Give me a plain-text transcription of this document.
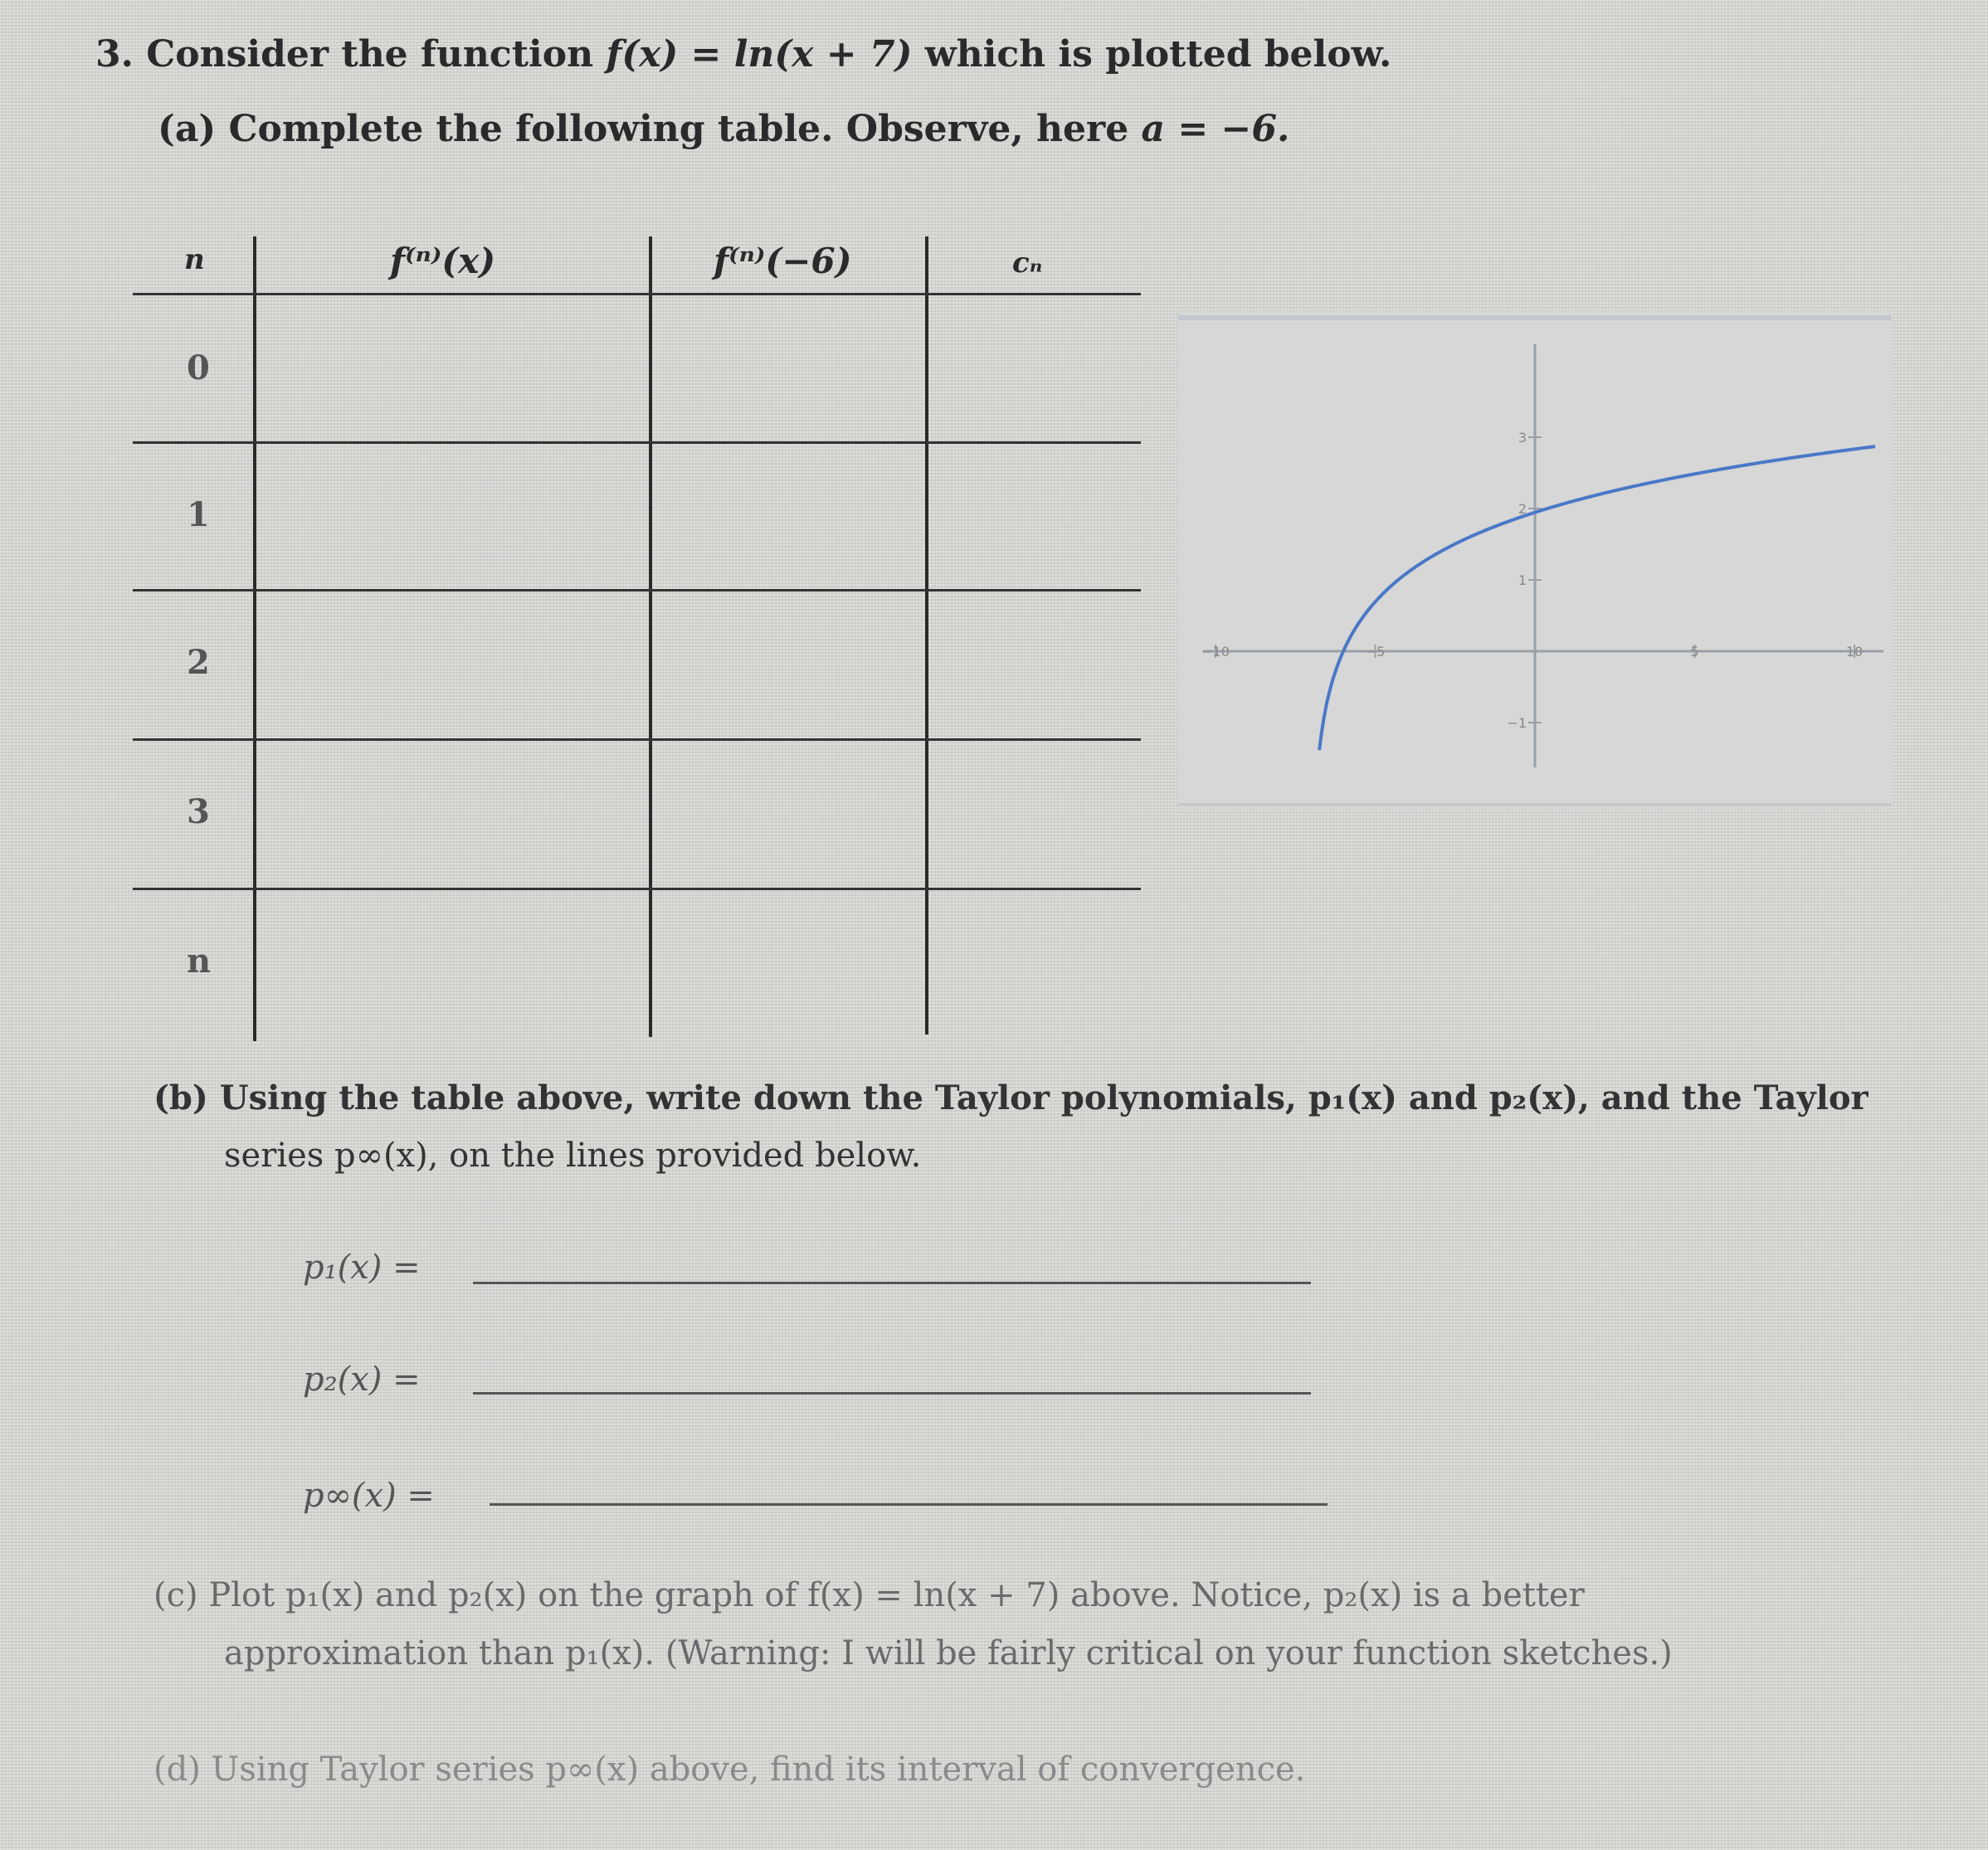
3. Consider the function f(x) = ln(x + 7) which is plotted below.
(a) Complete the following table. Observe, here a = −6.
n	f⁽ⁿ⁾(x)	f⁽ⁿ⁾(−6)	cₙ
0
1
2
3
n
−10	−5	5	10
3
2
1
−1
(b) Using the table above, write down the Taylor polynomials, p₁(x) and p₂(x), and the Taylor
series p∞(x), on the lines provided below.
p₁(x) =
p₂(x) =
p∞(x) =
(c) Plot p₁(x) and p₂(x) on the graph of f(x) = ln(x + 7) above. Notice, p₂(x) is a better
approximation than p₁(x). (Warning: I will be fairly critical on your function sketches.)
(d) Using Taylor series p∞(x) above, find its interval of convergence.
